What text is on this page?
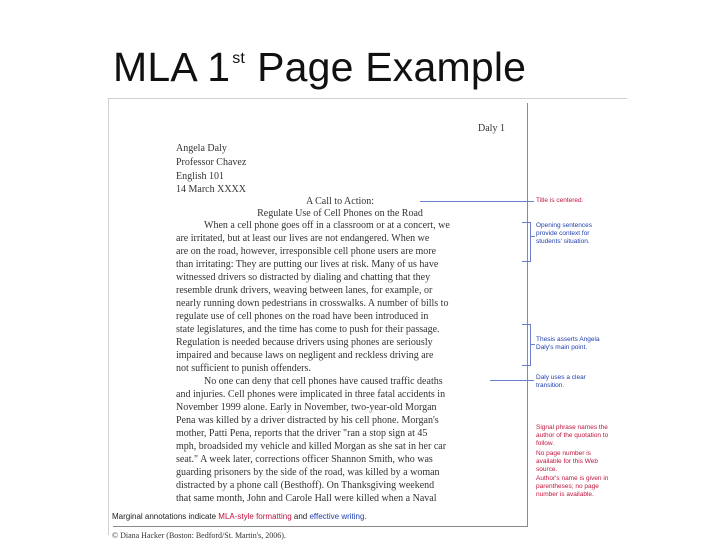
MLA 1 $^{st}$ Page Example
Daly 1
Angela Daly
Professor Chavez
English 101
14 March XXXX
A Call to Action:
Regulate Use of Cell Phones on the Road
When a cell phone goes off in a classroom or at a concert, we
are irritated, but at least our lives are not endangered. When we
are on the road, however, irresponsible cell phone users are more
than irritating: They are putting our lives at risk. Many of us have
witnessed drivers so distracted by dialing and chatting that they
resemble drunk drivers, weaving between lanes, for example, or
nearly running down pedestrians in crosswalks. A number of bills to
regulate use of cell phones on the road have been introduced in
state legislatures, and the time has come to push for their passage.
Regulation is needed because drivers using phones are seriously
impaired and because laws on negligent and reckless driving are
not sufficient to punish offenders.
No one can deny that cell phones have caused traffic deaths
and injuries. Cell phones were implicated in three fatal accidents in
November 1999 alone. Early in November, two-year-old Morgan
Pena was killed by a driver distracted by his cell phone. Morgan's
mother, Patti Pena, reports that the driver "ran a stop sign at 45
mph, broadsided my vehicle and killed Morgan as she sat in her car
seat." A week later, corrections officer Shannon Smith, who was
guarding prisoners by the side of the road, was killed by a woman
distracted by a phone call (Besthoff). On Thanksgiving weekend
that same month, John and Carole Hall were killed when a Naval
Title is centered.
Opening sentences provide context for students' situation.
Thesis asserts Angela Daly's main point.
Daly uses a clear transition.
Signal phrase names the author of the quotation to follow.
No page number is available for this Web source.
Author's name is given in parentheses; no page number is available.
Marginal annotations indicate MLA-style formatting and effective writing.
© Diana Hacker (Boston: Bedford/St. Martin's, 2006).
